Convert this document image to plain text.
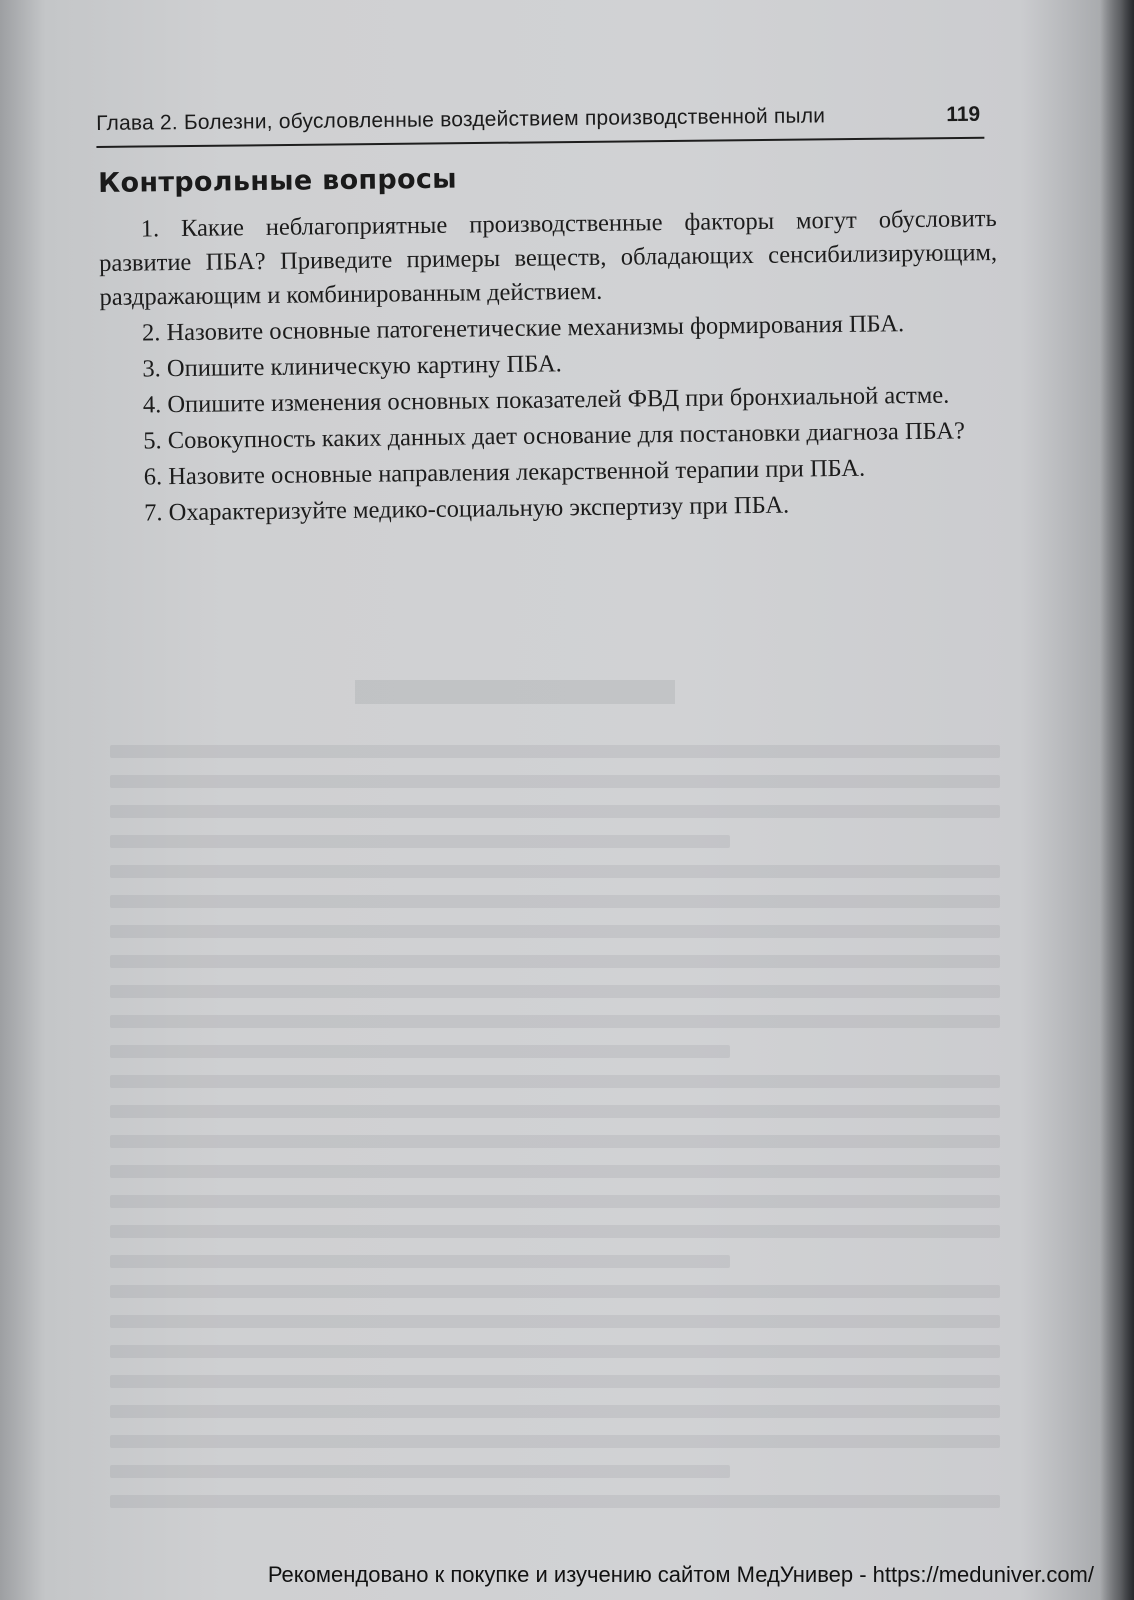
Глава 2. Болезни, обусловленные воздействием производственной пыли	119
Контрольные вопросы
1. Какие неблагоприятные производственные факторы могут обусловить развитие ПБА? Приведите примеры веществ, обладающих сенсибилизирующим, раздражающим и комбинированным действием.
2. Назовите основные патогенетические механизмы формирования ПБА.
3. Опишите клиническую картину ПБА.
4. Опишите изменения основных показателей ФВД при бронхиальной астме.
5. Совокупность каких данных дает основание для постановки диагноза ПБА?
6. Назовите основные направления лекарственной терапии при ПБА.
7. Охарактеризуйте медико-социальную экспертизу при ПБА.
Рекомендовано к покупке и изучению сайтом МедУнивер - https://meduniver.com/
